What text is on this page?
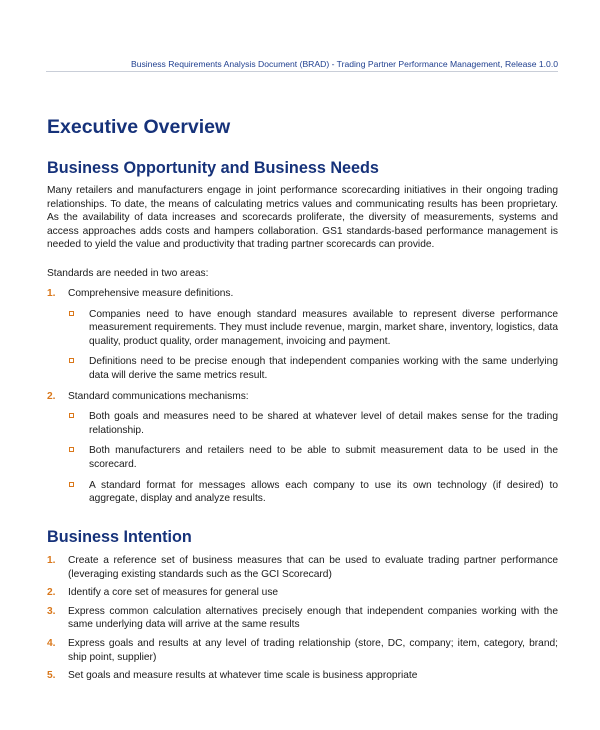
Business Requirements Analysis Document (BRAD) - Trading Partner Performance Management, Release 1.0.0
Executive Overview
Business Opportunity and Business Needs

Many retailers and manufacturers engage in joint performance scorecarding initiatives in their ongoing trading relationships. To date, the means of calculating metrics values and communicating results has been proprietary. As the availability of data increases and scorecards proliferate, the diversity of measurements, systems and access approaches adds costs and hampers collaboration. GS1 standards-based performance management is needed to yield the value and productivity that trading partner scorecards can provide.

Standards are needed in two areas:

1. Comprehensive measure definitions.
Companies need to have enough standard measures available to represent diverse performance measurement requirements. They must include revenue, margin, market share, inventory, logistics, data quality, product quality, order management, invoicing and payment.
Definitions need to be precise enough that independent companies working with the same underlying data will derive the same metrics result.
2. Standard communications mechanisms:
Both goals and measures need to be shared at whatever level of detail makes sense for the trading relationship.
Both manufacturers and retailers need to be able to submit measurement data to be used in the scorecard.
A standard format for messages allows each company to use its own technology (if desired) to aggregate, display and analyze results.
Business Intention
1. Create a reference set of business measures that can be used to evaluate trading partner performance (leveraging existing standards such as the GCI Scorecard)
2. Identify a core set of measures for general use
3. Express common calculation alternatives precisely enough that independent companies working with the same underlying data will arrive at the same results
4. Express goals and results at any level of trading relationship (store, DC, company; item, category, brand; ship point, supplier)
5. Set goals and measure results at whatever time scale is business appropriate
